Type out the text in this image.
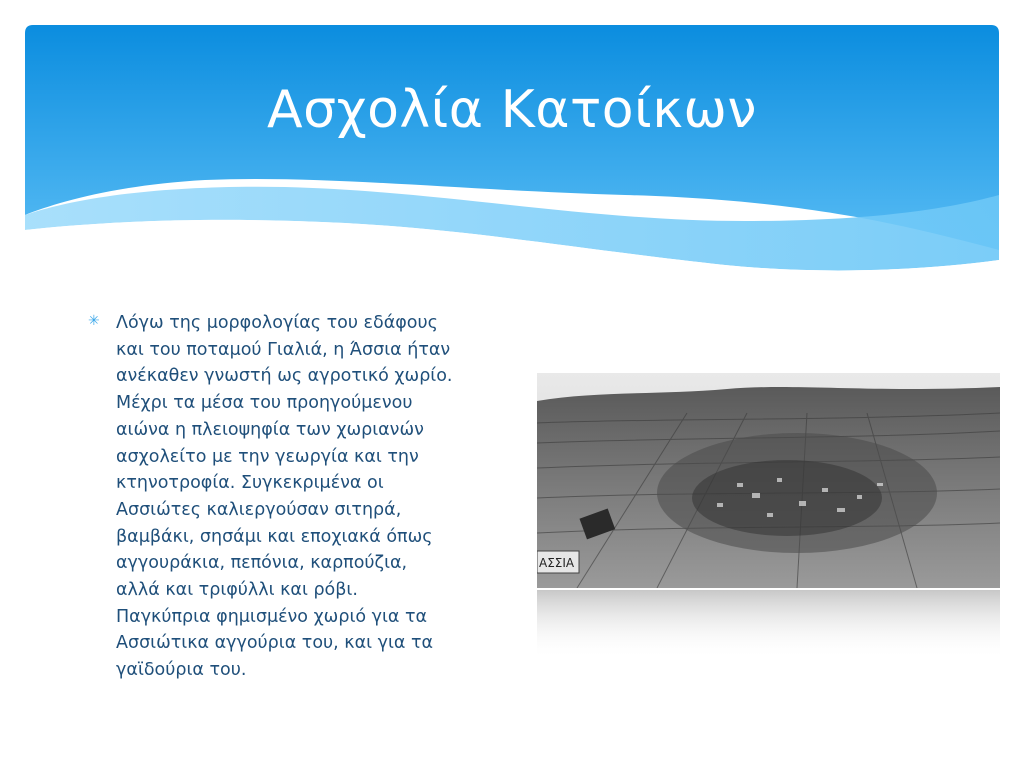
Ασχολία Κατοίκων
✳ Λόγω της μορφολογίας του εδάφους
και του ποταμού Γιαλιά, η Άσσια ήταν
ανέκαθεν γνωστή ως αγροτικό χωρίο.
Μέχρι τα μέσα του προηγούμενου
αιώνα η πλειοψηφία των χωριανών
ασχολείτο με την γεωργία και την
κτηνοτροφία. Συγκεκριμένα οι
Ασσιώτες καλιεργούσαν σιτηρά,
βαμβάκι, σησάμι και εποχιακά όπως
αγγουράκια, πεπόνια, καρπούζια,
αλλά και τριφύλλι και ρόβι.
Παγκύπρια φημισμένο χωριό για τα
Ασσιώτικα αγγούρια του, και για τα
γαϊδούρια του.
ΑΣΣΙΑ
